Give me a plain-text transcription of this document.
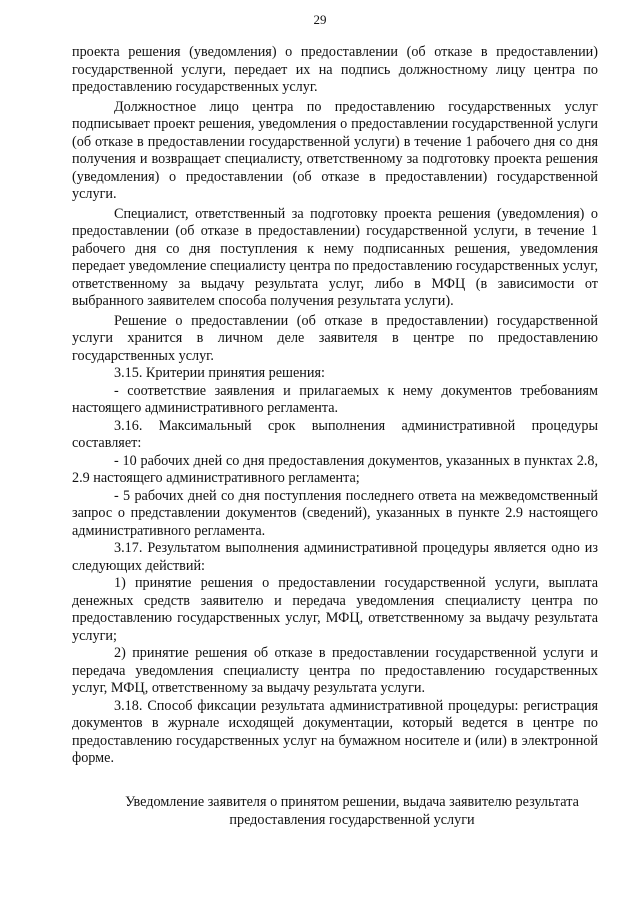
29

проекта решения (уведомления) о предоставлении (об отказе в предоставлении) государственной услуги, передает их на подпись должностному лицу центра по предоставлению государственных услуг.

Должностное лицо центра по предоставлению государственных услуг подписывает проект решения, уведомления о предоставлении государственной услуги (об отказе в предоставлении государственной услуги) в течение 1 рабочего дня со дня получения и возвращает специалисту, ответственному за подготовку проекта решения (уведомления) о предоставлении (об отказе в предоставлении) государственной услуги.

Специалист, ответственный за подготовку проекта решения (уведомления) о предоставлении (об отказе в предоставлении) государственной услуги, в течение 1 рабочего дня со дня поступления к нему подписанных решения, уведомления передает уведомление специалисту центра по предоставлению государственных услуг, ответственному за выдачу результата услуг, либо в МФЦ (в зависимости от выбранного заявителем способа получения результата услуги).

Решение о предоставлении (об отказе в предоставлении) государственной услуги хранится в личном деле заявителя в центре по предоставлению государственных услуг.

3.15. Критерии принятия решения:

- соответствие заявления и прилагаемых к нему документов требованиям настоящего административного регламента.

3.16. Максимальный срок выполнения административной процедуры составляет:

- 10 рабочих дней со дня предоставления документов, указанных в пунктах 2.8, 2.9 настоящего административного регламента;

- 5 рабочих дней со дня поступления последнего ответа на межведомственный запрос о представлении документов (сведений), указанных в пункте 2.9 настоящего административного регламента.

3.17. Результатом выполнения административной процедуры является одно из следующих действий:

1) принятие решения о предоставлении государственной услуги, выплата денежных средств заявителю и передача уведомления специалисту центра по предоставлению государственных услуг, МФЦ, ответственному за выдачу результата услуги;

2) принятие решения об отказе в предоставлении государственной услуги и передача уведомления специалисту центра по предоставлению государственных услуг, МФЦ, ответственному за выдачу результата услуги.

3.18. Способ фиксации результата административной процедуры: регистрация документов в журнале исходящей документации, который ведется в центре по предоставлению государственных услуг на бумажном носителе и (или) в электронной форме.

Уведомление заявителя о принятом решении, выдача заявителю результата предоставления государственной услуги
